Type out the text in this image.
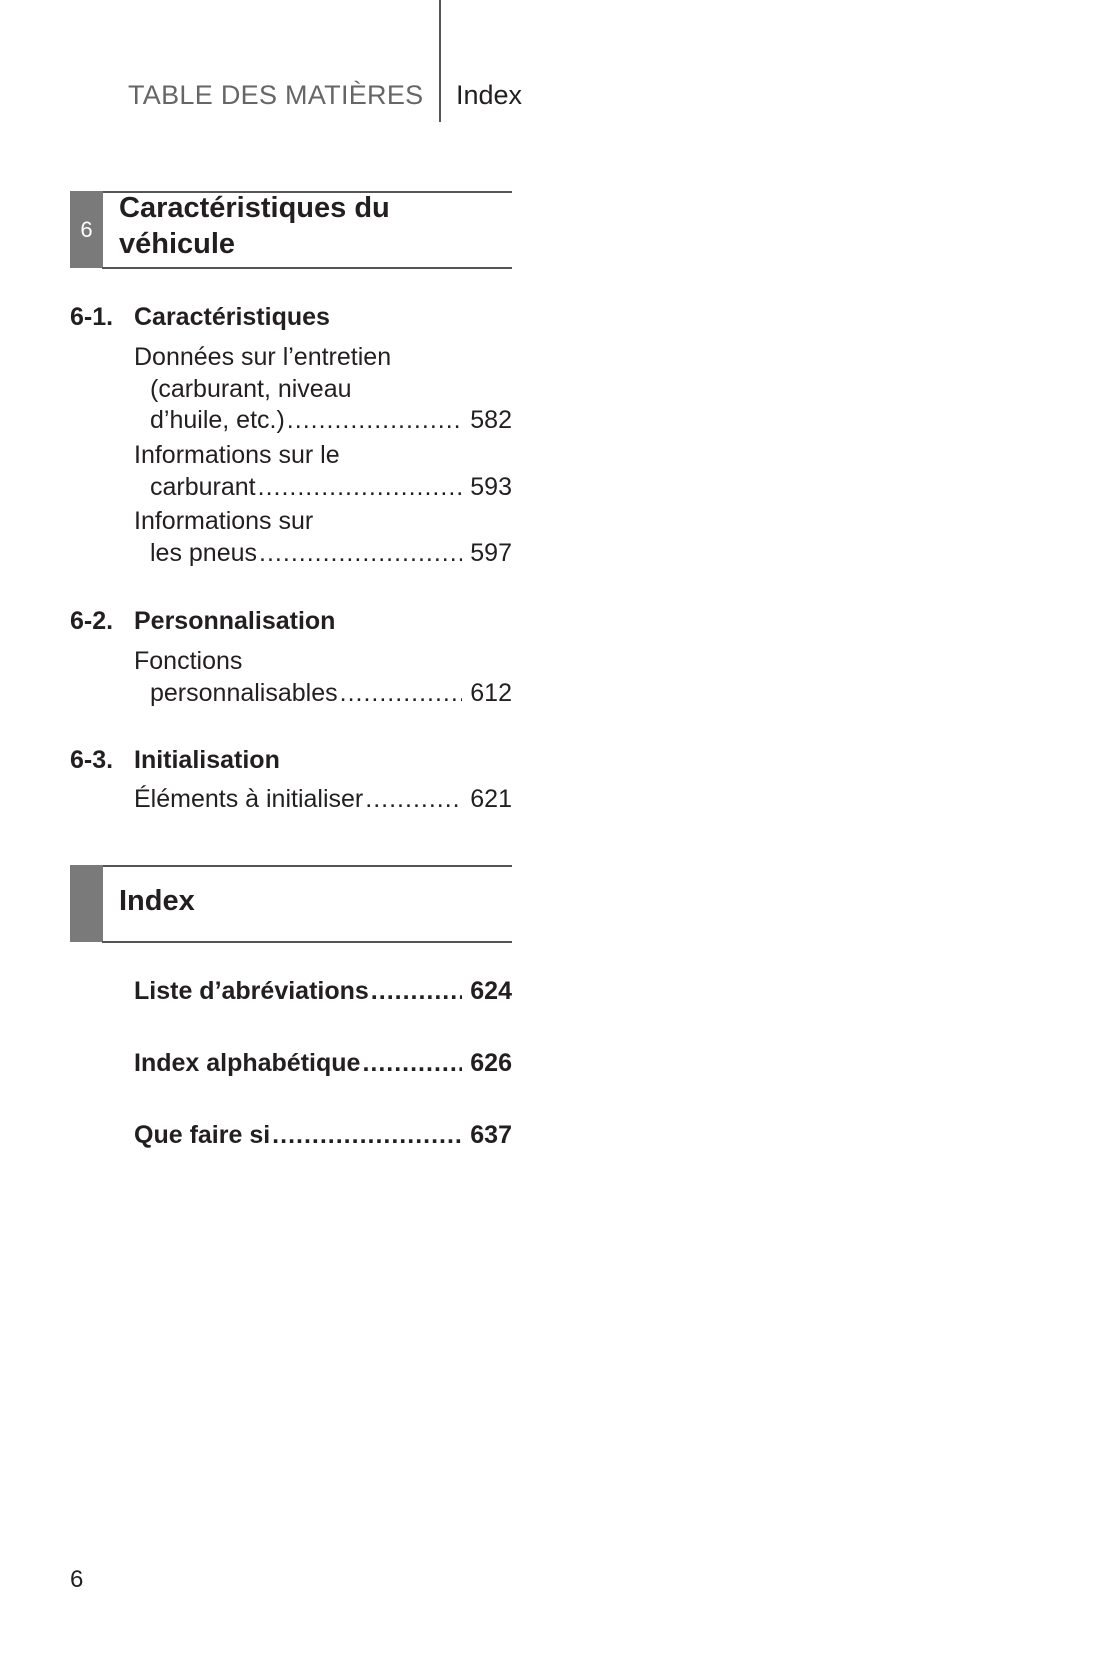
TABLE DES MATIÈRES Index
6
Caractéristiques du
véhicule
6-1. Caractéristiques
Données sur l’entretien
(carburant, niveau
d’huile, etc.) .....	582
Informations sur le
carburant .....	593
Informations sur
les pneus .....	597
6-2. Personnalisation
Fonctions
personnalisables .....	612
6-3. Initialisation
Éléments à initialiser .....	621
Index
Liste d’abréviations .....	624
Index alphabétique .....	626
Que faire si .....	637
6
